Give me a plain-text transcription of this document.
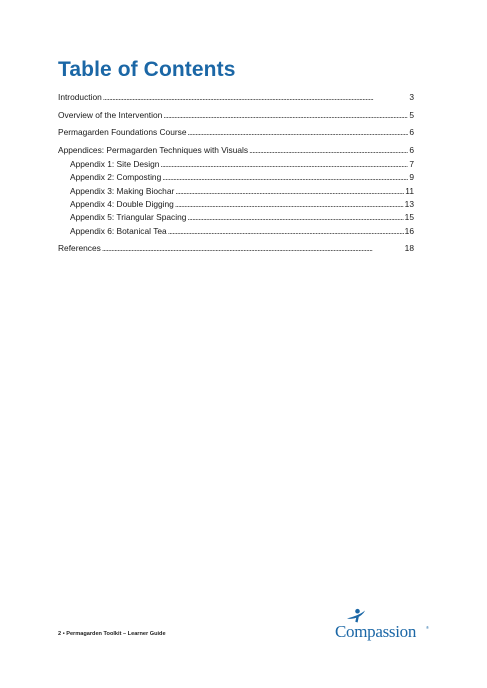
Table of Contents
Introduction . . .	3
Overview of the Intervention . . .	5
Permagarden Foundations Course . . .	6
Appendices: Permagarden Techniques with Visuals . . .	6
Appendix 1: Site Design . . .	7
Appendix 2: Composting . . .	9
Appendix 3: Making Biochar . . .	11
Appendix 4: Double Digging . . .	13
Appendix 5: Triangular Spacing . . .	15
Appendix 6: Botanical Tea . . .	16
References . . .	18
2 • Permagarden Toolkit – Learner Guide	Compassion ®
